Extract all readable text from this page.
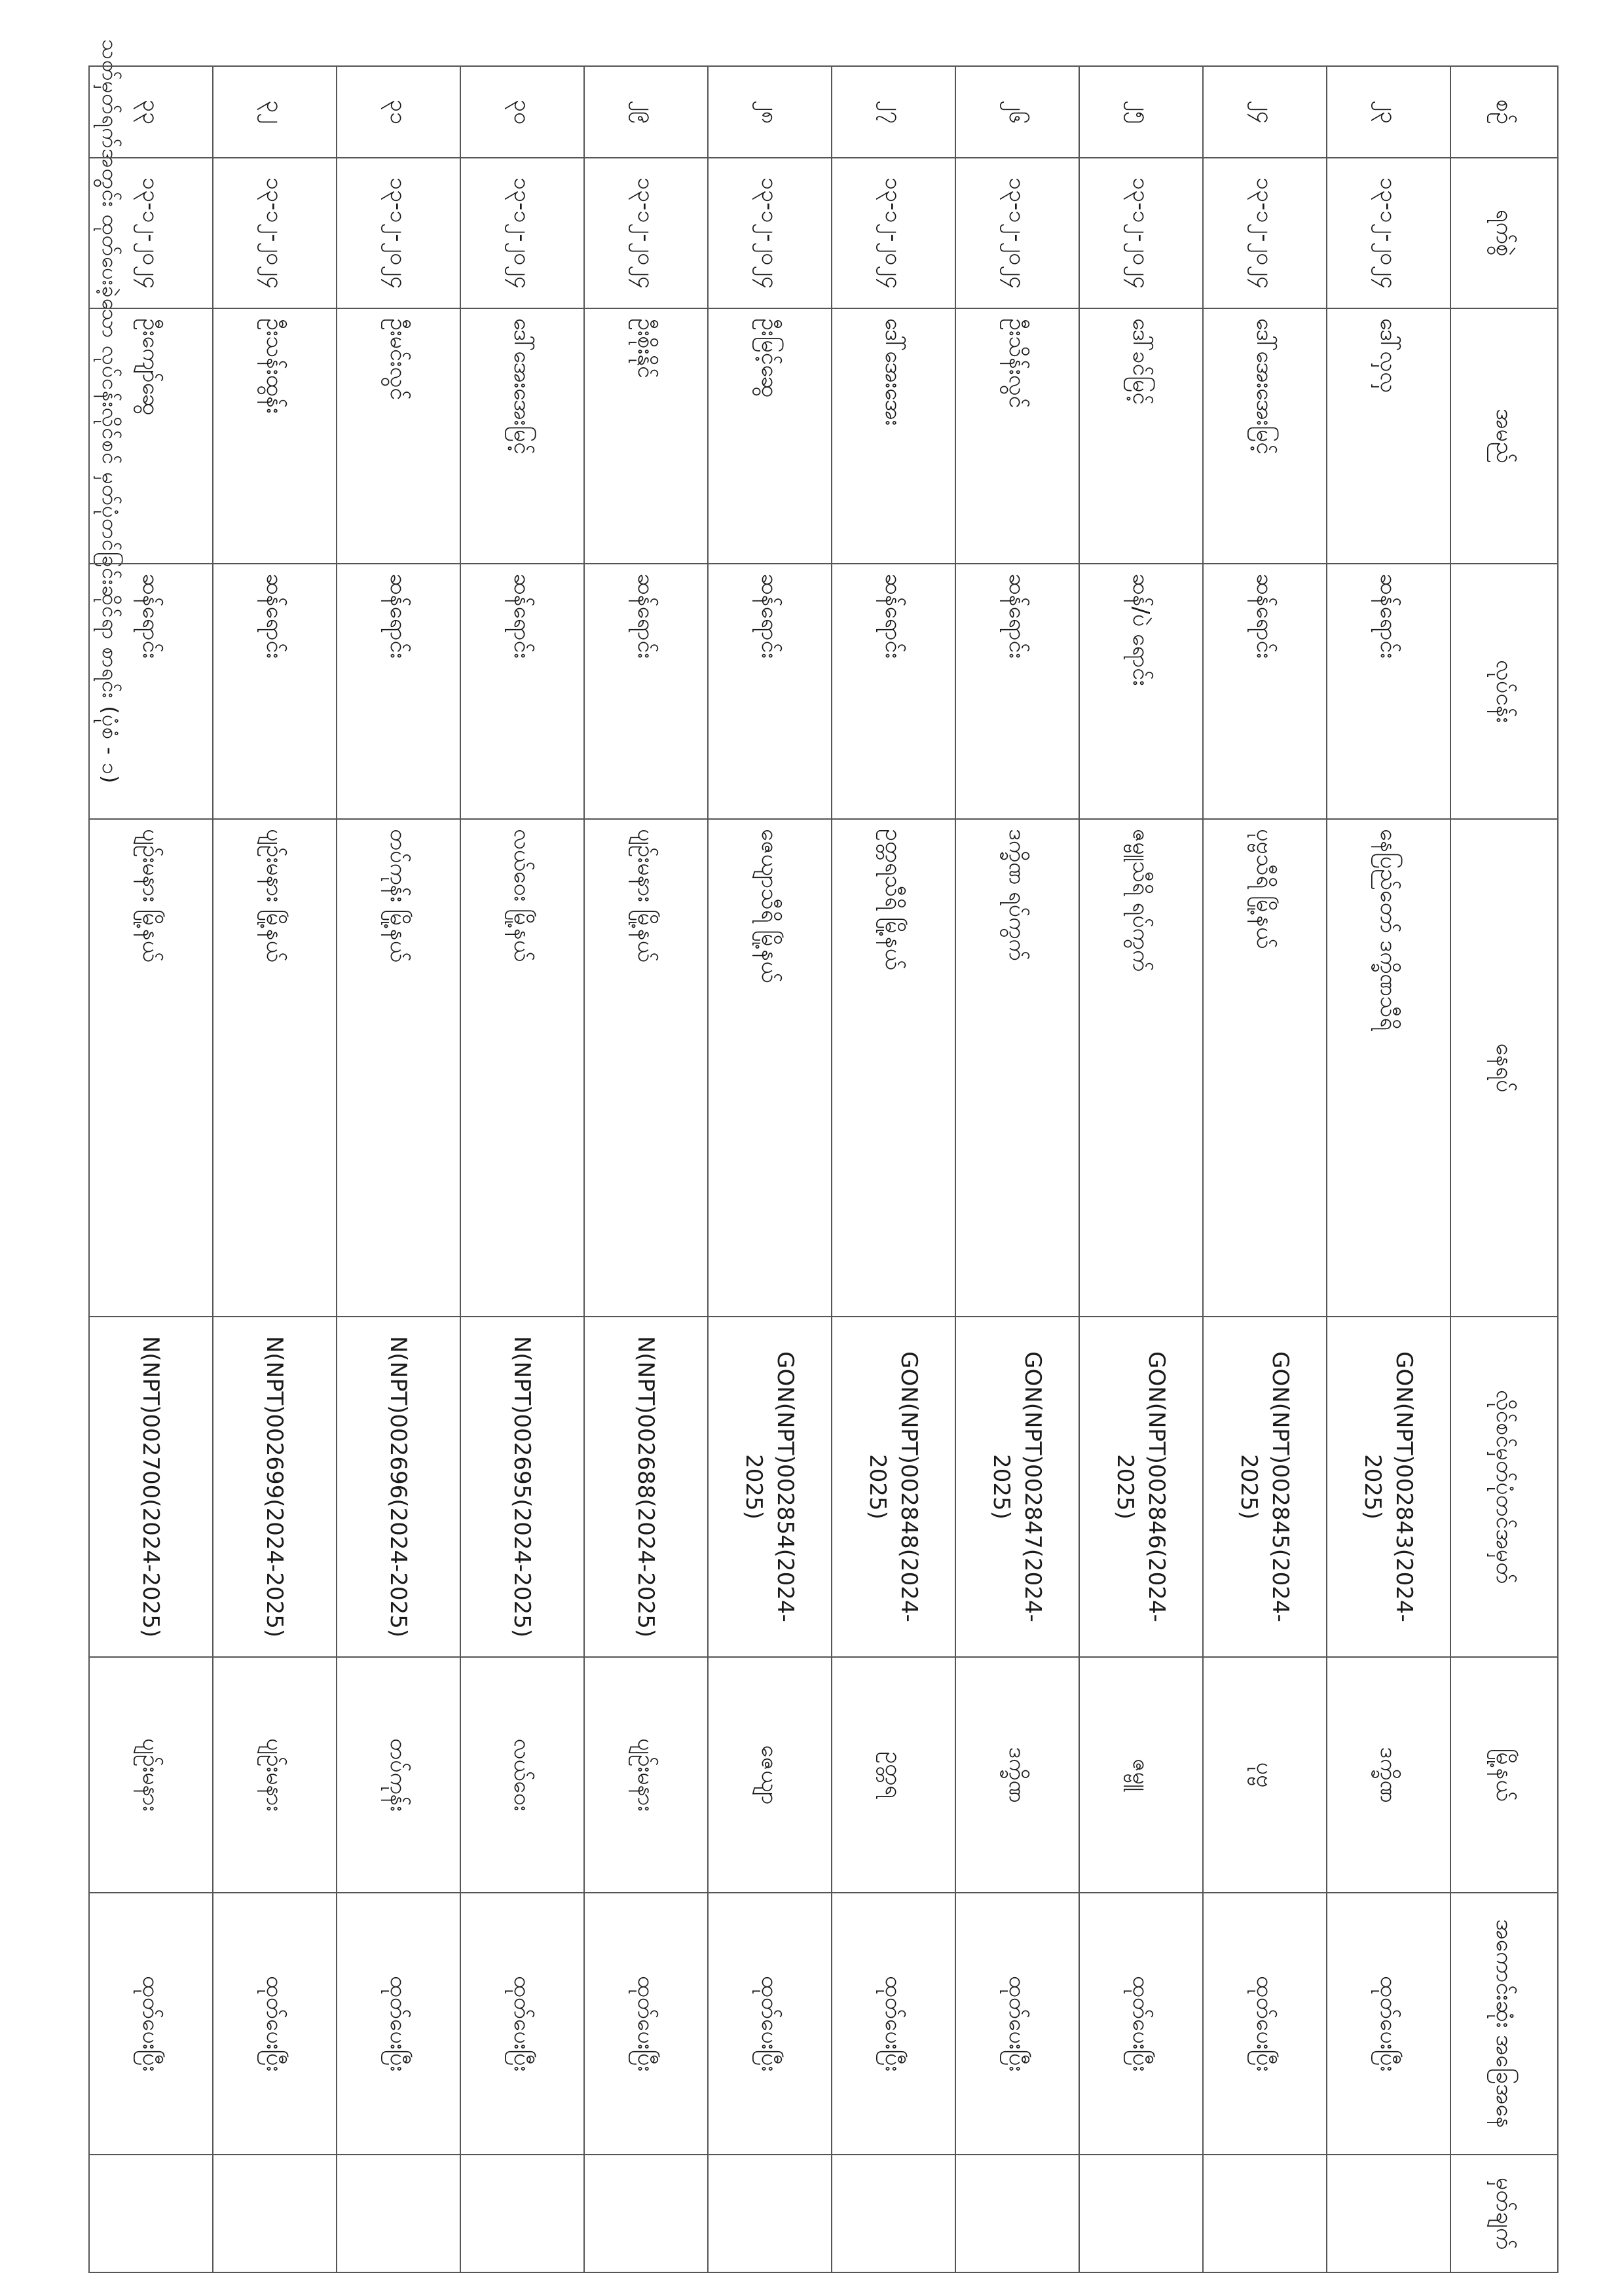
သတ်မှတ်ရက်အတွင်း ထုတ်ပေးခဲ့သော လုပ်ငန်းလိုင်စင် မှတ်ပုံတင်ခြင်းဆိုင်ရာ စာရင်း (ပုံစံ - ၁)	စဉ်	ရက်စွဲ	အမည်	လုပ်ငန်း	နေရပ်	လိုင်စင်မှတ်ပုံတင်အမှတ်	မြို့နယ်	အကောင်းဆုံး အခြေအနေ	မှတ်ချက်
၂၃	၁၃-၁၂-၂၀၂၄	ဒေါ်လှလှ	ဆန်ရောင်း	နေပြည်တော် ဒက္ခိဏသီရိ	GON(NPT)002843(2024-2025)	ဒက္ခိဏ	ထုတ်ပေးပြီး	
၂၄	၁၃-၁၂-၂၀၂၄	ဒေါ်အေးအေးမြင့်	ဆန်ရောင်း	ပုဗ္ဗသီရိ မြို့နယ်	GON(NPT)002845(2024-2025)	ပုဗ္ဗ	ထုတ်ပေးပြီး	
၂၅	၁၃-၁၂-၂၀၂၄	ဒေါ်ခင်မြင့်	ဆန်/ပဲ ရောင်း	ဇမ္ဗူသီရိ ရပ်ကွက်	GON(NPT)002846(2024-2025)	ဇမ္ဗူ	ထုတ်ပေးပြီး	
၂၆	၁၃-၁၂-၂၀၂၄	ဦးသိန်းလွင်	ဆန်ရောင်း	ဒက္ခိဏ ရပ်ကွက်	GON(NPT)002847(2024-2025)	ဒက္ခိဏ	ထုတ်ပေးပြီး	
၂၇	၁၃-၁၂-၂၀၂၄	ဒေါ်အေးအေး	ဆန်ရောင်း	ဥတ္တရသီရိ မြို့နယ်	GON(NPT)002848(2024-2025)	ဥတ္တရ	ထုတ်ပေးပြီး	
၂၈	၁၃-၁၂-၂၀၂၄	ဦးမြင့်ဆွေ	ဆန်ရောင်း	ဇေယျာသီရိ မြို့နယ်	GON(NPT)002854(2024-2025)	ဇေယျာ	ထုတ်ပေးပြီး	
၂၉	၁၃-၁၂-၂၀၂၄	ဦးစိုးနိုင်	ဆန်ရောင်း	ပျဉ်းမနား မြို့နယ်	N(NPT)002688(2024-2025)	ပျဉ်းမနား	ထုတ်ပေးပြီး	
၃၀	၁၃-၁၂-၂၀၂၄	ဒေါ်အေးအေးမြင့်	ဆန်ရောင်း	လယ်ဝေး မြို့နယ်	N(NPT)002695(2024-2025)	လယ်ဝေး	ထုတ်ပေးပြီး	
၃၁	၁၃-၁၂-၂၀၂၄	ဦးမင်းလွင်	ဆန်ရောင်း	တပ်ကုန်း မြို့နယ်	N(NPT)002696(2024-2025)	တပ်ကုန်း	ထုတ်ပေးပြီး	
၃၂	၁၃-၁၂-၂၀၂၄	ဦးသန်းထွန်း	ဆန်ရောင်း	ပျဉ်းမနား မြို့နယ်	N(NPT)002699(2024-2025)	ပျဉ်းမနား	ထုတ်ပေးပြီး	
၃၃	၁၃-၁၂-၂၀၂၄	ဦးကျော်ဆွေ	ဆန်ရောင်း	ပျဉ်းမနား မြို့နယ်	N(NPT)002700(2024-2025)	ပျဉ်းမနား	ထုတ်ပေးပြီး	
